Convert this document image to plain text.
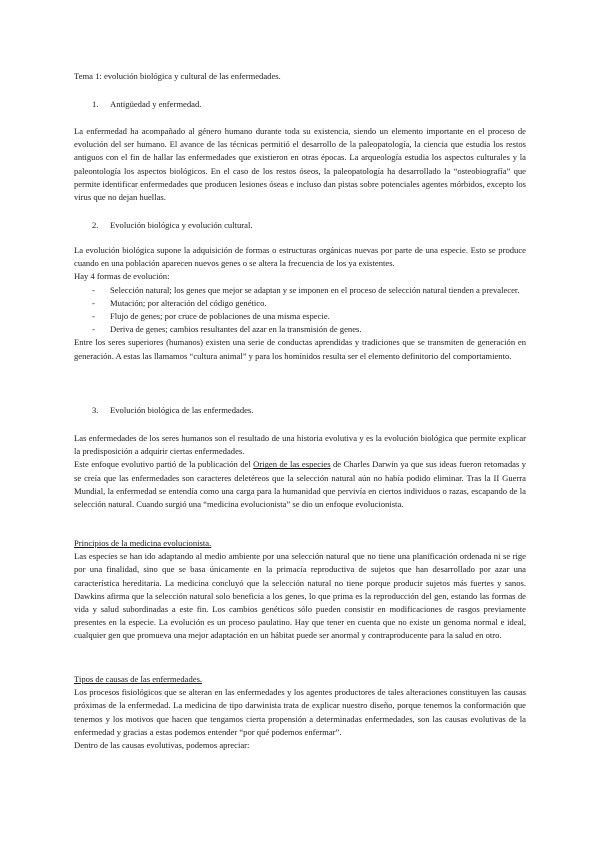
Tema 1: evolución biológica y cultural de las enfermedades.

1. Antigüedad y enfermedad.

La enfermedad ha acompañado al género humano durante toda su existencia, siendo un elemento importante en el proceso de evolución del ser humano. El avance de las técnicas permitió el desarrollo de la paleopatología, la ciencia que estudia los restos antiguos con el fin de hallar las enfermedades que existieron en otras épocas. La arqueología estudia los aspectos culturales y la paleontología los aspectos biológicos. En el caso de los restos óseos, la paleopatología ha desarrollado la “osteobiografía” que permite identificar enfermedades que producen lesiones óseas e incluso dan pistas sobre potenciales agentes mórbidos, excepto los virus que no dejan huellas.

2. Evolución biológica y evolución cultural.

La evolución biológica supone la adquisición de formas o estructuras orgánicas nuevas por parte de una especie. Esto se produce cuando en una población aparecen nuevos genes o se altera la frecuencia de los ya existentes.

Hay 4 formas de evolución:

- Selección natural; los genes que mejor se adaptan y se imponen en el proceso de selección natural tienden a prevalecer.
- Mutación; por alteración del código genético.
- Flujo de genes; por cruce de poblaciones de una misma especie.
- Deriva de genes; cambios resultantes del azar en la transmisión de genes.

Entre los seres superiores (humanos) existen una serie de conductas aprendidas y tradiciones que se transmiten de generación en generación. A estas las llamamos “cultura animal” y para los homínidos resulta ser el elemento definitorio del comportamiento.

3. Evolución biológica de las enfermedades.

Las enfermedades de los seres humanos son el resultado de una historia evolutiva y es la evolución biológica que permite explicar la predisposición a adquirir ciertas enfermedades.

Este enfoque evolutivo partió de la publicación del Origen de las especies de Charles Darwin ya que sus ideas fueron retomadas y se creía que las enfermedades son caracteres deletéreos que la selección natural aún no había podido eliminar. Tras la II Guerra Mundial, la enfermedad se entendía como una carga para la humanidad que pervivía en ciertos individuos o razas, escapando de la selección natural. Cuando surgió una “medicina evolucionista” se dio un enfoque evolucionista.

Principios de la medicina evolucionista.

Las especies se han ido adaptando al medio ambiente por una selección natural que no tiene una planificación ordenada ni se rige por una finalidad, sino que se basa únicamente en la primacía reproductiva de sujetos que han desarrollado por azar una característica hereditaria. La medicina concluyó que la selección natural no tiene porque producir sujetos más fuertes y sanos. Dawkins afirma que la selección natural solo beneficia a los genes, lo que prima es la reproducción del gen, estando las formas de vida y salud subordinadas a este fin. Los cambios genéticos sólo pueden consistir en modificaciones de rasgos previamente presentes en la especie. La evolución es un proceso paulatino. Hay que tener en cuenta que no existe un genoma normal e ideal, cualquier gen que promueva una mejor adaptación en un hábitat puede ser anormal y contraproducente para la salud en otro.

Tipos de causas de las enfermedades.

Los procesos fisiológicos que se alteran en las enfermedades y los agentes productores de tales alteraciones constituyen las causas próximas de la enfermedad. La medicina de tipo darwinista trata de explicar nuestro diseño, porque tenemos la conformación que tenemos y los motivos que hacen que tengamos cierta propensión a determinadas enfermedades, son las causas evolutivas de la enfermedad y gracias a estas podemos entender “por qué podemos enfermar”.

Dentro de las causas evolutivas, podemos apreciar:
